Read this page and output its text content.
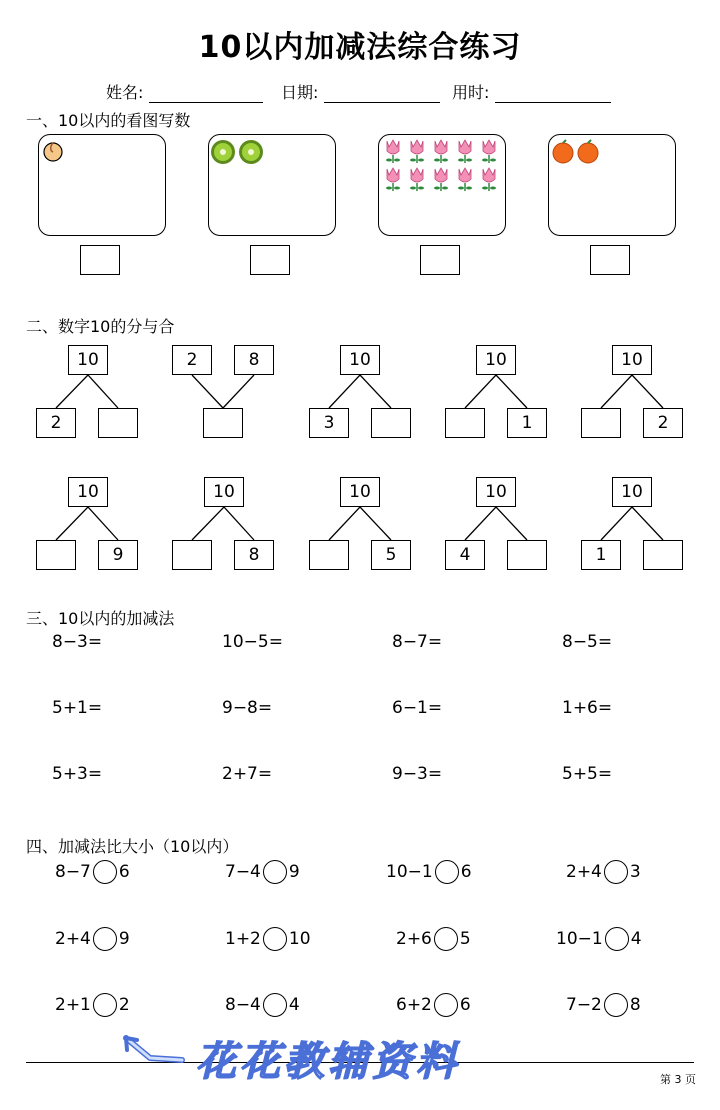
10以内加减法综合练习
姓名:	日期:	用时:
一、10以内的看图写数
二、数字10的分与合
10
2
2	8	10
3
10
1
10
2
10
9
10
8
10
5
10
4
10
1
三、10以内的加减法
8−3=	10−5=	8−7=	8−5=
5+1=	9−8=	6−1=	1+6=
5+3=	2+7=	9−3=	5+5=
四、加减法比大小（10以内）
8−7 6	7−4 9	10−1 6	2+4 3
2+4 9	1+2 10	2+6 5	10−1 4
2+1 2	8−4 4	6+2 6	7−2 8
第 3 页
花花教辅资料
